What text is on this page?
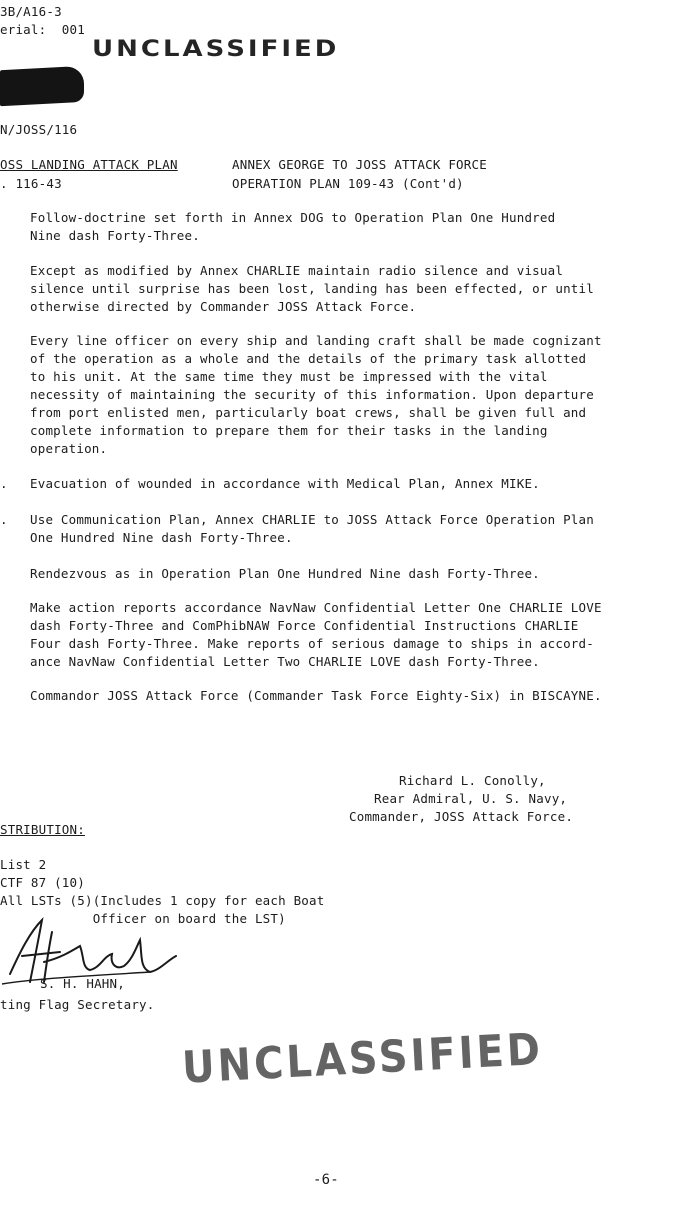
3B/A16-3
erial:  001
UNCLASSIFIED
N/JOSS/116
OSS LANDING ATTACK PLAN
. 116-43
ANNEX GEORGE TO JOSS ATTACK FORCE
OPERATION PLAN 109-43 (Cont'd)
Follow-doctrine set forth in Annex DOG to Operation Plan One Hundred
Nine dash Forty-Three.
Except as modified by Annex CHARLIE maintain radio silence and visual
silence until surprise has been lost, landing has been effected, or until
otherwise directed by Commander JOSS Attack Force.
Every line officer on every ship and landing craft shall be made cognizant
of the operation as a whole and the details of the primary task allotted
to his unit. At the same time they must be impressed with the vital
necessity of maintaining the security of this information. Upon departure
from port enlisted men, particularly boat crews, shall be given full and
complete information to prepare them for their tasks in the landing
operation.
. Evacuation of wounded in accordance with Medical Plan, Annex MIKE.
. Use Communication Plan, Annex CHARLIE to JOSS Attack Force Operation Plan
One Hundred Nine dash Forty-Three.
Rendezvous as in Operation Plan One Hundred Nine dash Forty-Three.
Make action reports accordance NavNaw Confidential Letter One CHARLIE LOVE
dash Forty-Three and ComPhibNAW Force Confidential Instructions CHARLIE
Four dash Forty-Three. Make reports of serious damage to ships in accord-
ance NavNaw Confidential Letter Two CHARLIE LOVE dash Forty-Three.
Commandor JOSS Attack Force (Commander Task Force Eighty-Six) in BISCAYNE.
Richard L. Conolly,
Rear Admiral, U. S. Navy,
Commander, JOSS Attack Force.
STRIBUTION:
List 2
CTF 87 (10)
All LSTs (5)(Includes 1 copy for each Boat
Officer on board the LST)
S. H. HAHN,
ting Flag Secretary.
UNCLASSIFIED
-6-
